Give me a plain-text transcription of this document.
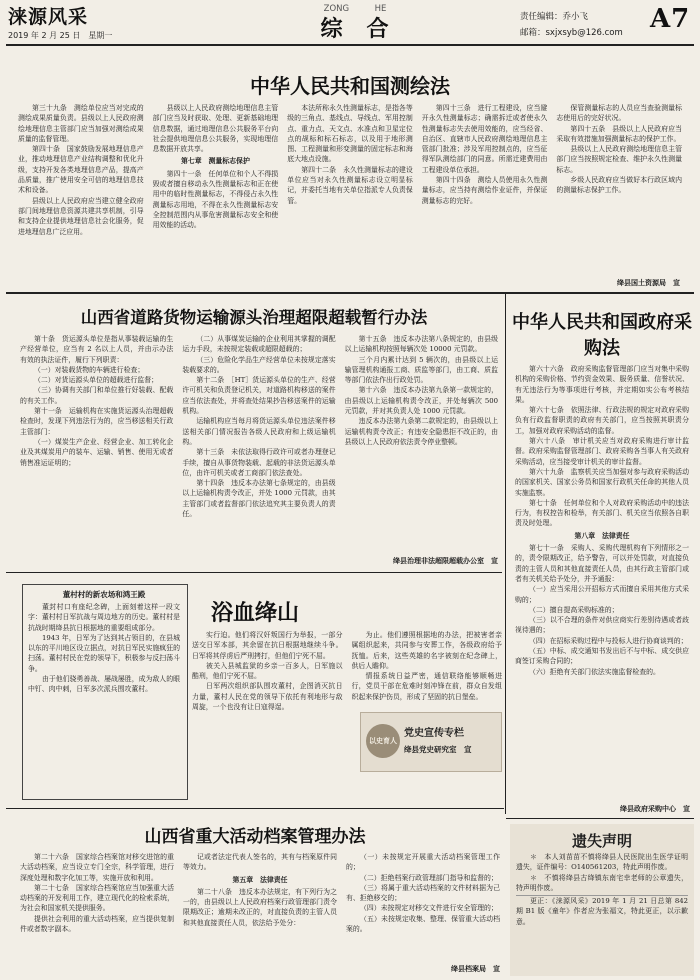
涞源风采
2019 年 2 月 25 日　星期一
ZONG　　　HE
综　合	责任编辑：乔小飞
邮箱：sxjxsyb@126.com	A7
中华人民共和国测绘法

第三十九条　测绘单位应当对完成的测绘成果质量负责。县级以上人民政府测绘地理信息主管部门应当加强对测绘成果质量的监督管理。

第四十条　国家鼓励发展地理信息产业，推动地理信息产业结构调整和优化升级，支持开发各类地理信息产品，提高产品质量，推广使用安全可信的地理信息技术和设备。

县级以上人民政府应当建立健全政府部门间地理信息资源共建共享机制，引导和支持企业提供地理信息社会化服务，促进地理信息广泛应用。

县级以上人民政府测绘地理信息主管部门应当及时获取、处理、更新基础地理信息数据，通过地理信息公共服务平台向社会提供地理信息公共服务，实现地理信息数据开放共享。

第七章　测量标志保护

第四十一条　任何单位和个人不得损毁或者擅自移动永久性测量标志和正在使用中的临时性测量标志，不得侵占永久性测量标志用地，不得在永久性测量标志安全控制范围内从事危害测量标志安全和使用效能的活动。

本法所称永久性测量标志，是指各等级的三角点、基线点、导线点、军用控制点、重力点、天文点、水准点和卫星定位点的觇标和标石标志，以及用于地形测图、工程测量和形变测量的固定标志和海底大地点设施。

第四十二条　永久性测量标志的建设单位应当对永久性测量标志设立明显标记，并委托当地有关单位指派专人负责保管。

第四十三条　进行工程建设，应当避开永久性测量标志；确需拆迁或者使永久性测量标志失去使用效能的，应当经省、自治区、直辖市人民政府测绘地理信息主管部门批准；涉及军用控制点的，应当征得军队测绘部门的同意。所需迁建费用由工程建设单位承担。

第四十四条　测绘人员使用永久性测量标志，应当持有测绘作业证件，并保证测量标志的完好。

保管测量标志的人员应当查验测量标志使用后的完好状况。

第四十五条　县级以上人民政府应当采取有效措施加强测量标志的保护工作。

县级以上人民政府测绘地理信息主管部门应当按照规定检查、维护永久性测量标志。

乡级人民政府应当做好本行政区域内的测量标志保护工作。

绛县国土资源局　宣
山西省道路货物运输源头治理超限超载暂行办法

第十条　货运源头单位是指从事装载运输的生产经营单位，应当有 2 名以上人员，并由示办法有效的执法证件，履行下列职责：

（一）对装载货物的车辆进行检查；

（二）对货运源头单位的超载进行监督；

（三）协调有关部门和单位推行好装载、配载的有关工作。

第十一条　运输机构在实施货运源头治理超载检查时，发现下列违法行为的，应当移送相关行政主管部门：

（一）煤炭生产企业、经营企业、加工转化企业及其煤炭用户的装车、运输、销售、使用无或者销售准运证明的；

（二）从事煤炭运输的企业利用其掌握的调配运力手段，未按规定装载或超限超载的；

（三）危险化学品生产经营单位未按规定落实装载要求的。

第十二条　［HT］货运源头单位的生产、经营许可机关和负责登记机关，对道路机构移送的案件应当依法查处，并将查处结果抄告移送案件的运输机构。

运输机构应当每月将货运源头单位违法案件移送相关部门情况报告各级人民政府和上级运输机构。

第十三条　未依法取得行政许可或者办理登记手续，擅自从事货物装载、起载的非法货运源头单位，由许可机关或者工商部门依法查处。

第十四条　违反本办法第七条规定的，由县级以上运输机构责令改正，并处 1000 元罚款，由其主管部门或者监督部门依法追究其主要负责人的责任。

第十五条　违反本办法第八条规定的，由县级以上运输机构按照每辆次处 10000 元罚款。

三个月内累计达到 5 辆次的，由县级以上运输管理机构通报工商、质监等部门，由工商、质监等部门依法作出行政处罚。

第十六条　违反本办法第九条第一款规定的，由县级以上运输机构责令改正，并处每辆次 500 元罚款，并对其负责人处 1000 元罚款。

违反本办法第九条第二款规定的，由县级以上运输机构责令改正；有违安全隐患拒不改正的，由县级以上人民政府依法责令停业整顿。

绛县治理非法超限超载办公室　宣
中华人民共和国政府采购法

第六十六条　政府采购监督管理部门应当对集中采购机构的采购价格、节约资金效果、服务质量、信誉状况、有无违法行为等事项进行考核，并定期如实公布考核结果。

第六十七条　依照法律、行政法规的规定对政府采购负有行政监督职责的政府有关部门，应当按照其职责分工，加强对政府采购活动的监督。

第六十八条　审计机关应当对政府采购进行审计监督。政府采购监督管理部门、政府采购各当事人有关政府采购活动，应当接受审计机关的审计监督。

第六十九条　监察机关应当加强对参与政府采购活动的国家机关、国家公务员和国家行政机关任命的其他人员实施监察。

第七十条　任何单位和个人对政府采购活动中的违法行为，有权控告和检举，有关部门、机关应当依照各自职责及时处理。

第八章　法律责任

第七十一条　采购人、采购代理机构有下列情形之一的，责令限期改正，给予警告，可以并处罚款，对直接负责的主管人员和其他直接责任人员，由其行政主管部门或者有关机关给予处分，并予通报：

（一）应当采用公开招标方式而擅自采用其他方式采购的；

（二）擅自提高采购标准的；

（三）以不合理的条件对供应商实行差别待遇或者歧视待遇的；

（四）在招标采购过程中与投标人进行协商谈判的；

（五）中标、成交通知书发出后不与中标、成交供应商签订采购合同的；

（六）拒绝有关部门依法实施监督检查的。

绛县政府采购中心　宣
浴血绛山
董村村的新农场和鸿王殿

董封村口有座纪念碑，上面刻着这样一段文字：董村村日军抗战与周边地方的历史。董村村是抗战时期绛县抗日根据地的重要组成部分。

1943 年，日军为了达到其占领目的，在县城以东的平川地区设立据点，对抗日军民实施疯狂的扫荡。董村村民在党的领导下，积极参与反扫荡斗争。

由于他们骁勇善战、屡战屡胜，成为敌人的眼中钉、肉中刺，日军多次派兵围攻董村。

实行迫。他们将汉奸叛国行为举报，一部分送交日军本部，其余留在抗日根据地继续斗争。日军将其俘虏后严刑拷打，但他们宁死不屈。

被关入县城监狱的乡亲一百多人，日军施以酷刑，他们宁死不屈。

日军两次组织部队围攻董村，企图消灭抗日力量，董村人民在党的领导下依托有利地形与敌周旋，一个也没有让日寇得逞。

为止。他们遵照根据地的办法，把被害者亲属组织起来，共同参与安葬工作，各级政府给予抚恤。后来，这些英雄的名字被刻在纪念碑上，供后人瞻仰。

情报系统日益严密，通信联络能够顺畅进行，党员干部在危难时刻冲锋在前，群众自发组织起来保护伤员，形成了坚固的抗日堡垒。

以史育人
党史宣传专栏
绛县党史研究室　宣
山西省重大活动档案管理办法

第二十六条　国家综合档案馆对移交进馆的重大活动档案，应当设立专门全宗，科学管理，进行深度处理和数字化加工等，实施开放和利用。

第二十七条　国家综合档案馆应当加强重大活动档案的开发利用工作，建立现代化的检索系统，为社会和国家机关提供服务。

提供社会利用的重大活动档案，应当提供复制件或者数字副本。

记或者法定代表人签名的，其有与档案原件同等效力。

第五章　法律责任

第二十八条　违反本办法规定，有下列行为之一的，由县级以上人民政府档案行政管理部门责令限期改正；逾期未改正的，对直接负责的主管人员和其他直接责任人员，依法给予处分：

（一）未按规定开展重大活动档案管理工作的；

（二）拒绝档案行政管理部门指导和监督的；

（三）将属于重大活动档案的文件材料据为己有、拒绝移交的；

（四）未按规定对移交文件进行安全管理的；

（五）未按规定收集、整理、保管重大活动档案的。

绛县档案局　宣
遗失声明

＊　本人刘苗苗不慎将绛县人民医院出生医学证明遗失，证件编号：O140561203，特此声明作废。

＊　不慎将绛县古绛镇东南宅幸老师的公章遗失，特声明作废。

更正：《涞源风采》2019 年 1 月 21 日总第 842 期 B1 版《童年》作者应为张福文，特此更正，以示歉意。
